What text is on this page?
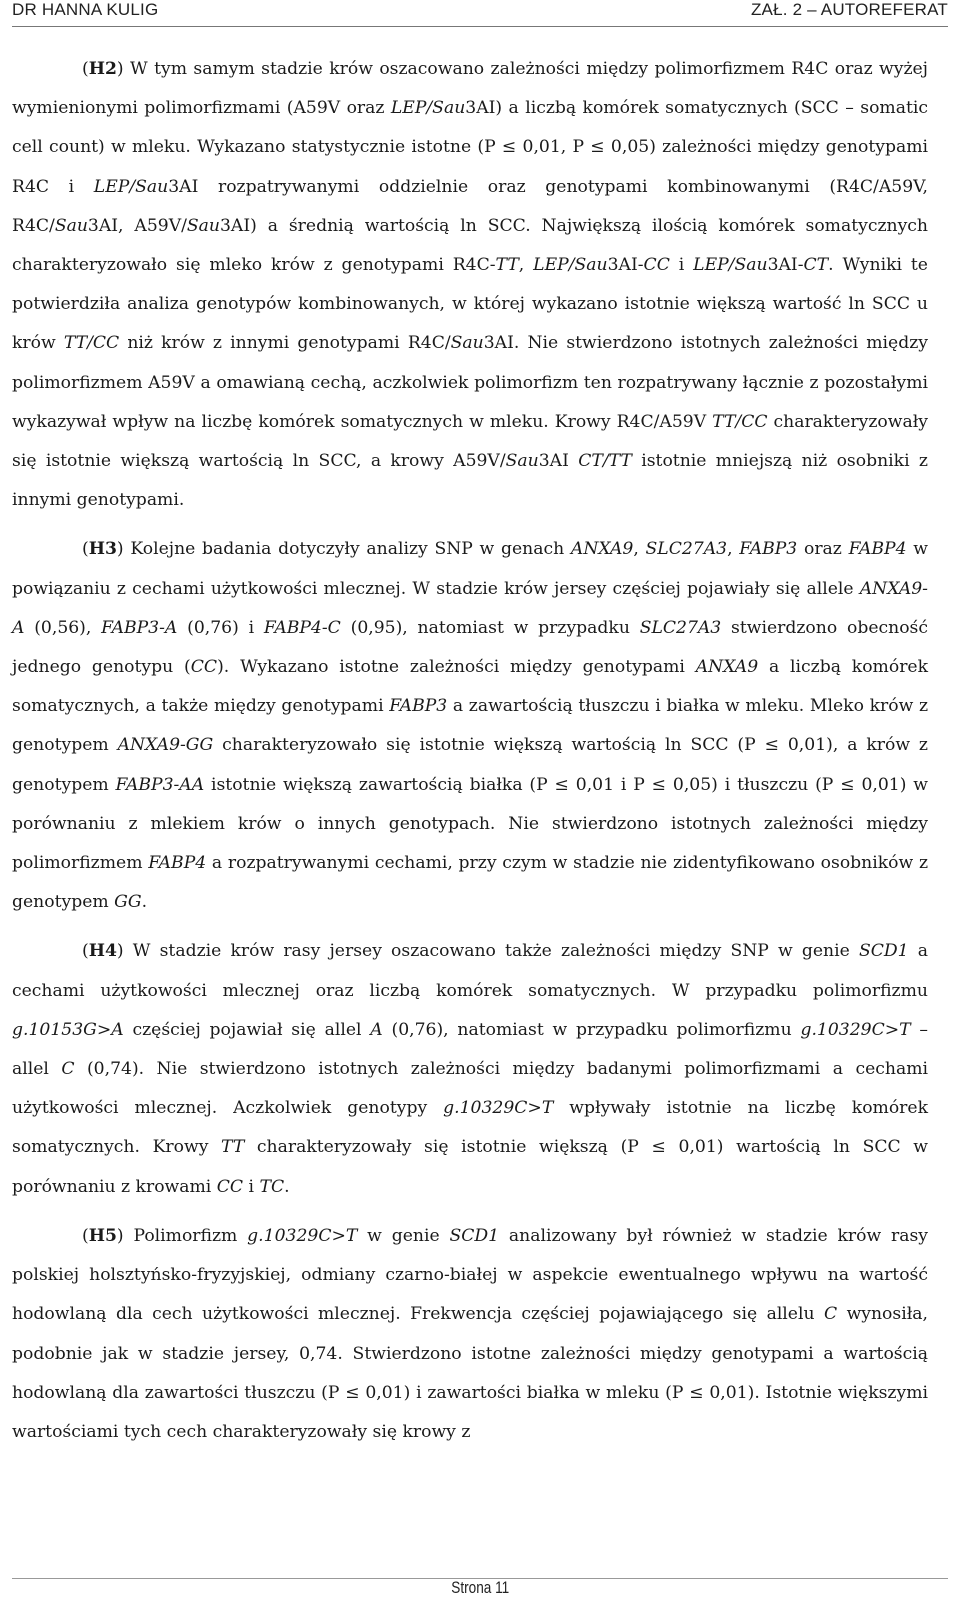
DR HANNA KULIG	ZAŁ. 2 – AUTOREFERAT

(H2) W tym samym stadzie krów oszacowano zależności między polimorfizmem R4C oraz wyżej wymienionymi polimorfizmami (A59V oraz LEP/Sau3AI) a liczbą komórek somatycznych (SCC – somatic cell count) w mleku. Wykazano statystycznie istotne (P ≤ 0,01, P ≤ 0,05) zależności między genotypami R4C i LEP/Sau3AI rozpatrywanymi oddzielnie oraz genotypami kombinowanymi (R4C/A59V, R4C/Sau3AI, A59V/Sau3AI) a średnią wartością ln SCC. Największą ilością komórek somatycznych charakteryzowało się mleko krów z genotypami R4C-TT, LEP/Sau3AI-CC i LEP/Sau3AI-CT. Wyniki te potwierdziła analiza genotypów kombinowanych, w której wykazano istotnie większą wartość ln SCC u krów TT/CC niż krów z innymi genotypami R4C/Sau3AI. Nie stwierdzono istotnych zależności między polimorfizmem A59V a omawianą cechą, aczkolwiek polimorfizm ten rozpatrywany łącznie z pozostałymi wykazywał wpływ na liczbę komórek somatycznych w mleku. Krowy R4C/A59V TT/CC charakteryzowały się istotnie większą wartością ln SCC, a krowy A59V/Sau3AI CT/TT istotnie mniejszą niż osobniki z innymi genotypami.

(H3) Kolejne badania dotyczyły analizy SNP w genach ANXA9, SLC27A3, FABP3 oraz FABP4 w powiązaniu z cechami użytkowości mlecznej. W stadzie krów jersey częściej pojawiały się allele ANXA9-A (0,56), FABP3-A (0,76) i FABP4-C (0,95), natomiast w przypadku SLC27A3 stwierdzono obecność jednego genotypu (CC). Wykazano istotne zależności między genotypami ANXA9 a liczbą komórek somatycznych, a także między genotypami FABP3 a zawartością tłuszczu i białka w mleku. Mleko krów z genotypem ANXA9-GG charakteryzowało się istotnie większą wartością ln SCC (P ≤ 0,01), a krów z genotypem FABP3-AA istotnie większą zawartością białka (P ≤ 0,01 i P ≤ 0,05) i tłuszczu (P ≤ 0,01) w porównaniu z mlekiem krów o innych genotypach. Nie stwierdzono istotnych zależności między polimorfizmem FABP4 a rozpatrywanymi cechami, przy czym w stadzie nie zidentyfikowano osobników z genotypem GG.

(H4) W stadzie krów rasy jersey oszacowano także zależności między SNP w genie SCD1 a cechami użytkowości mlecznej oraz liczbą komórek somatycznych. W przypadku polimorfizmu g.10153G>A częściej pojawiał się allel A (0,76), natomiast w przypadku polimorfizmu g.10329C>T – allel C (0,74). Nie stwierdzono istotnych zależności między badanymi polimorfizmami a cechami użytkowości mlecznej. Aczkolwiek genotypy g.10329C>T wpływały istotnie na liczbę komórek somatycznych. Krowy TT charakteryzowały się istotnie większą (P ≤ 0,01) wartością ln SCC w porównaniu z krowami CC i TC.

(H5) Polimorfizm g.10329C>T w genie SCD1 analizowany był również w stadzie krów rasy polskiej holsztyńsko-fryzyjskiej, odmiany czarno-białej w aspekcie ewentualnego wpływu na wartość hodowlaną dla cech użytkowości mlecznej. Frekwencja częściej pojawiającego się allelu C wynosiła, podobnie jak w stadzie jersey, 0,74. Stwierdzono istotne zależności między genotypami a wartością hodowlaną dla zawartości tłuszczu (P ≤ 0,01) i zawartości białka w mleku (P ≤ 0,01). Istotnie większymi wartościami tych cech charakteryzowały się krowy z

Strona 11
